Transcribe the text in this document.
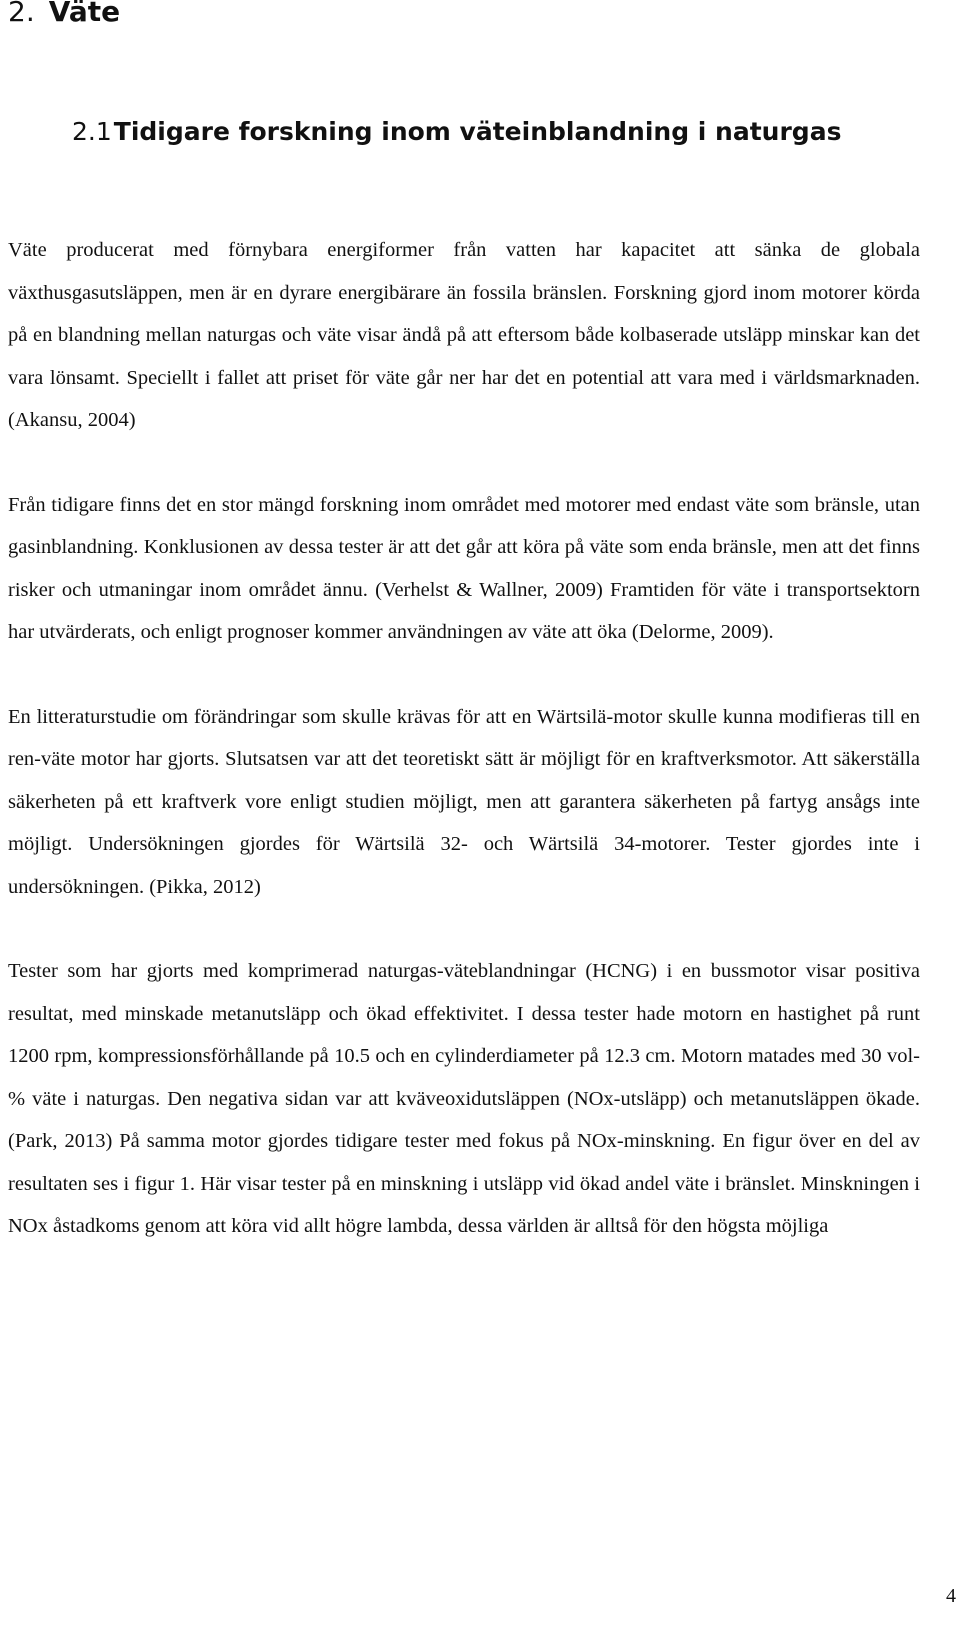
2. Väte
2.1Tidigare forskning inom väteinblandning i naturgas

Väte producerat med förnybara energiformer från vatten har kapacitet att sänka de globala växthusgasutsläppen, men är en dyrare energibärare än fossila bränslen. Forskning gjord inom motorer körda på en blandning mellan naturgas och väte visar ändå på att eftersom både kolbaserade utsläpp minskar kan det vara lönsamt. Speciellt i fallet att priset för väte går ner har det en potential att vara med i världsmarknaden. (Akansu, 2004)

Från tidigare finns det en stor mängd forskning inom området med motorer med endast väte som bränsle, utan gasinblandning. Konklusionen av dessa tester är att det går att köra på väte som enda bränsle, men att det finns risker och utmaningar inom området ännu. (Verhelst & Wallner, 2009) Framtiden för väte i transportsektorn har utvärderats, och enligt prognoser kommer användningen av väte att öka (Delorme, 2009).

En litteraturstudie om förändringar som skulle krävas för att en Wärtsilä-motor skulle kunna modifieras till en ren-väte motor har gjorts. Slutsatsen var att det teoretiskt sätt är möjligt för en kraftverksmotor. Att säkerställa säkerheten på ett kraftverk vore enligt studien möjligt, men att garantera säkerheten på fartyg ansågs inte möjligt. Undersökningen gjordes för Wärtsilä 32- och Wärtsilä 34-motorer. Tester gjordes inte i undersökningen. (Pikka, 2012)

Tester som har gjorts med komprimerad naturgas-väteblandningar (HCNG) i en bussmotor visar positiva resultat, med minskade metanutsläpp och ökad effektivitet. I dessa tester hade motorn en hastighet på runt 1200 rpm, kompressionsförhållande på 10.5 och en cylinderdiameter på 12.3 cm. Motorn matades med 30 vol-% väte i naturgas. Den negativa sidan var att kväveoxidutsläppen (NOx-utsläpp) och metanutsläppen ökade. (Park, 2013) På samma motor gjordes tidigare tester med fokus på NOx-minskning. En figur över en del av resultaten ses i figur 1. Här visar tester på en minskning i utsläpp vid ökad andel väte i bränslet. Minskningen i NOx åstadkoms genom att köra vid allt högre lambda, dessa världen är alltså för den högsta möjliga

4
